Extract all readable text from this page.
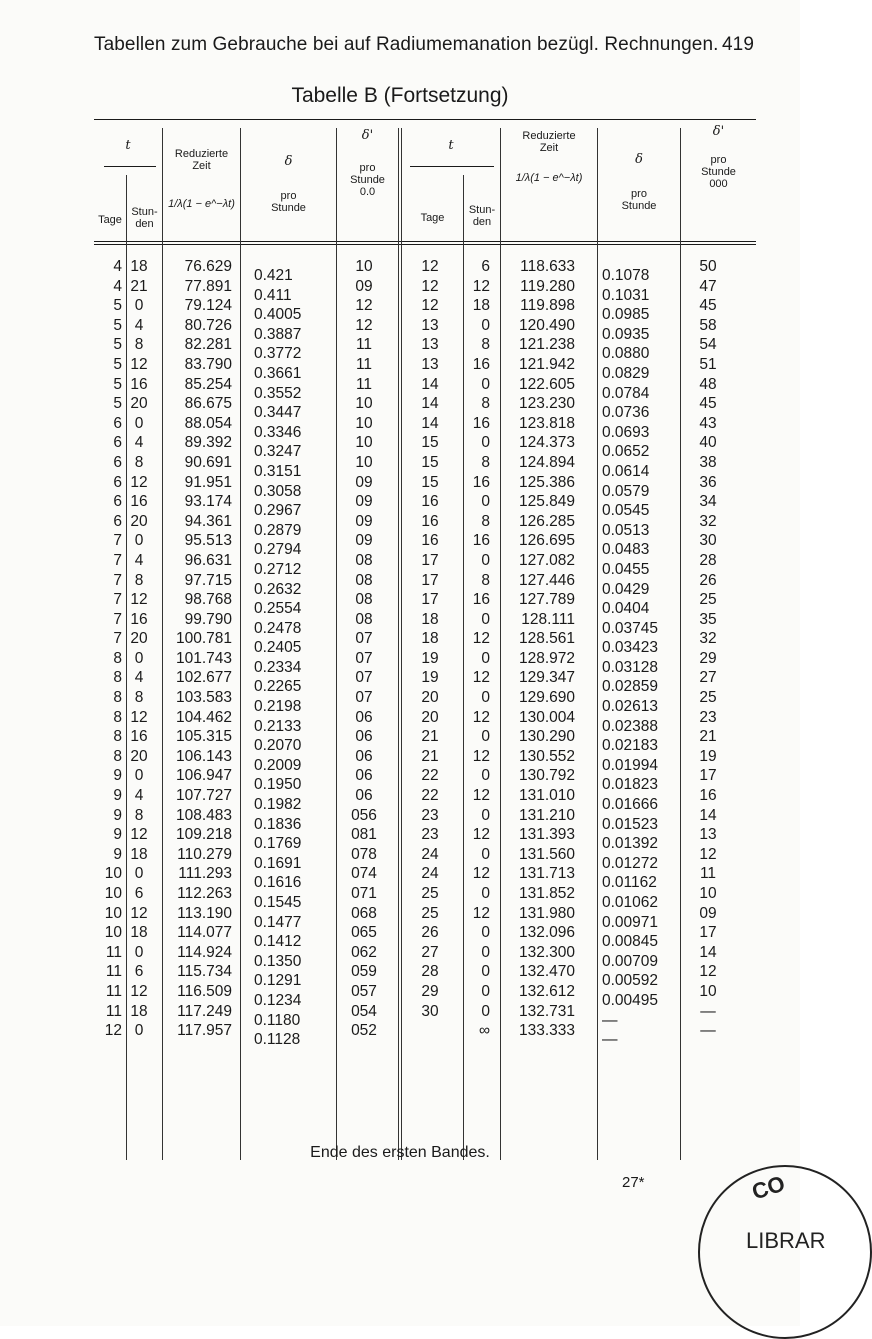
Tabellen zum Gebrauche bei auf Radiumemanation bezügl. Rechnungen. 419
Tabelle B (Fortsetzung)
t
Tage
Stun-
den
Reduzierte
Zeit
1/λ(1 − e^−λt)
δ
pro
Stunde
δ'
pro
Stunde
0.0
t
Tage
Stun-
den
Reduzierte
Zeit
1/λ(1 − e^−λt)
δ
pro
Stunde
δ'
pro
Stunde
000
4
4
5
5
5
5
5
5
6
6
6
6
6
6
7
7
7
7
7
7
8
8
8
8
8
8
9
9
9
9
9
10
10
10
10
11
11
11
11
12
18
21
0
4
8
12
16
20
0
4
8
12
16
20
0
4
8
12
16
20
0
4
8
12
16
20
0
4
8
12
18
0
6
12
18
0
6
12
18
0
76.629
77.891
79.124
80.726
82.281
83.790
85.254
86.675
88.054
89.392
90.691
91.951
93.174
94.361
95.513
96.631
97.715
98.768
99.790
100.781
101.743
102.677
103.583
104.462
105.315
106.143
106.947
107.727
108.483
109.218
110.279
111.293
112.263
113.190
114.077
114.924
115.734
116.509
117.249
117.957
0.421
0.411
0.4005
0.3887
0.3772
0.3661
0.3552
0.3447
0.3346
0.3247
0.3151
0.3058
0.2967
0.2879
0.2794
0.2712
0.2632
0.2554
0.2478
0.2405
0.2334
0.2265
0.2198
0.2133
0.2070
0.2009
0.1950
0.1982
0.1836
0.1769
0.1691
0.1616
0.1545
0.1477
0.1412
0.1350
0.1291
0.1234
0.1180
0.1128
10
09
12
12
11
11
11
10
10
10
10
09
09
09
09
08
08
08
08
07
07
07
07
06
06
06
06
06
056
081
078
074
071
068
065
062
059
057
054
052
12
12
12
13
13
13
14
14
14
15
15
15
16
16
16
17
17
17
18
18
19
19
20
20
21
21
22
22
23
23
24
24
25
25
26
27
28
29
30

6
12
18
0
8
16
0
8
16
0
8
16
0
8
16
0
8
16
0
12
0
12
0
12
0
12
0
12
0
12
0
12
0
12
0
0
0
0
0
∞
118.633
119.280
119.898
120.490
121.238
121.942
122.605
123.230
123.818
124.373
124.894
125.386
125.849
126.285
126.695
127.082
127.446
127.789
128.111
128.561
128.972
129.347
129.690
130.004
130.290
130.552
130.792
131.010
131.210
131.393
131.560
131.713
131.852
131.980
132.096
132.300
132.470
132.612
132.731
133.333
0.1078
0.1031
0.0985
0.0935
0.0880
0.0829
0.0784
0.0736
0.0693
0.0652
0.0614
0.0579
0.0545
0.0513
0.0483
0.0455
0.0429
0.0404
0.03745
0.03423
0.03128
0.02859
0.02613
0.02388
0.02183
0.01994
0.01823
0.01666
0.01523
0.01392
0.01272
0.01162
0.01062
0.00971
0.00845
0.00709
0.00592
0.00495
—
—
50
47
45
58
54
51
48
45
43
40
38
36
34
32
30
28
26
25
35
32
29
27
25
23
21
19
17
16
14
13
12
11
10
09
17
14
12
10
—
—
Ende des ersten Bandes.
27*	CO
LIBRAR
